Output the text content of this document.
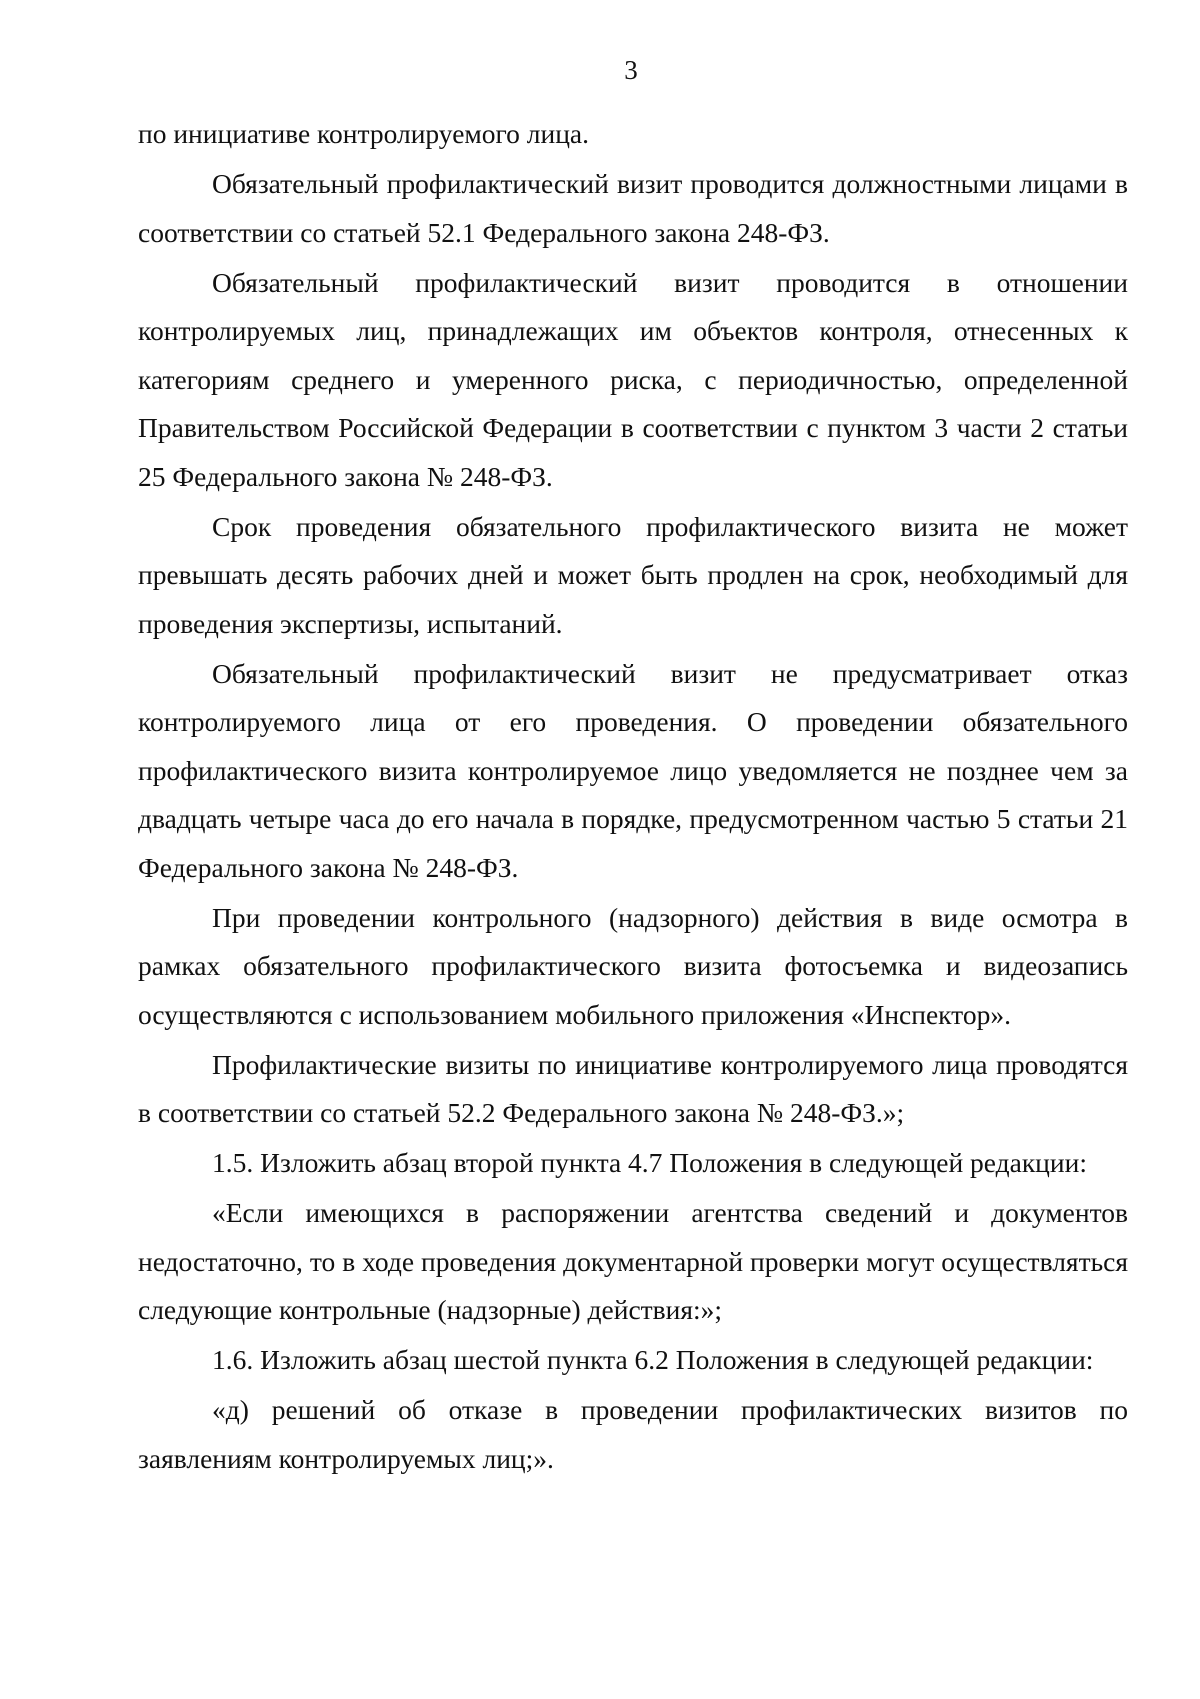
3

по инициативе контролируемого лица.

Обязательный профилактический визит проводится должностными лицами в соответствии со статьей 52.1 Федерального закона 248-ФЗ.

Обязательный профилактический визит проводится в отношении контролируемых лиц, принадлежащих им объектов контроля, отнесенных к категориям среднего и умеренного риска, с периодичностью, определенной Правительством Российской Федерации в соответствии с пунктом 3 части 2 статьи 25 Федерального закона № 248-ФЗ.

Срок проведения обязательного профилактического визита не может превышать десять рабочих дней и может быть продлен на срок, необходимый для проведения экспертизы, испытаний.

Обязательный профилактический визит не предусматривает отказ контролируемого лица от его проведения. О проведении обязательного профилактического визита контролируемое лицо уведомляется не позднее чем за двадцать четыре часа до его начала в порядке, предусмотренном частью 5 статьи 21 Федерального закона № 248-ФЗ.

При проведении контрольного (надзорного) действия в виде осмотра в рамках обязательного профилактического визита фотосъемка и видеозапись осуществляются с использованием мобильного приложения «Инспектор».

Профилактические визиты по инициативе контролируемого лица проводятся в соответствии со статьей 52.2 Федерального закона № 248-ФЗ.»;

1.5. Изложить абзац второй пункта 4.7 Положения в следующей редакции:

«Если имеющихся в распоряжении агентства сведений и документов недостаточно, то в ходе проведения документарной проверки могут осуществляться следующие контрольные (надзорные) действия:»;

1.6. Изложить абзац шестой пункта 6.2 Положения в следующей редакции:

«д) решений об отказе в проведении профилактических визитов по заявлениям контролируемых лиц;».
